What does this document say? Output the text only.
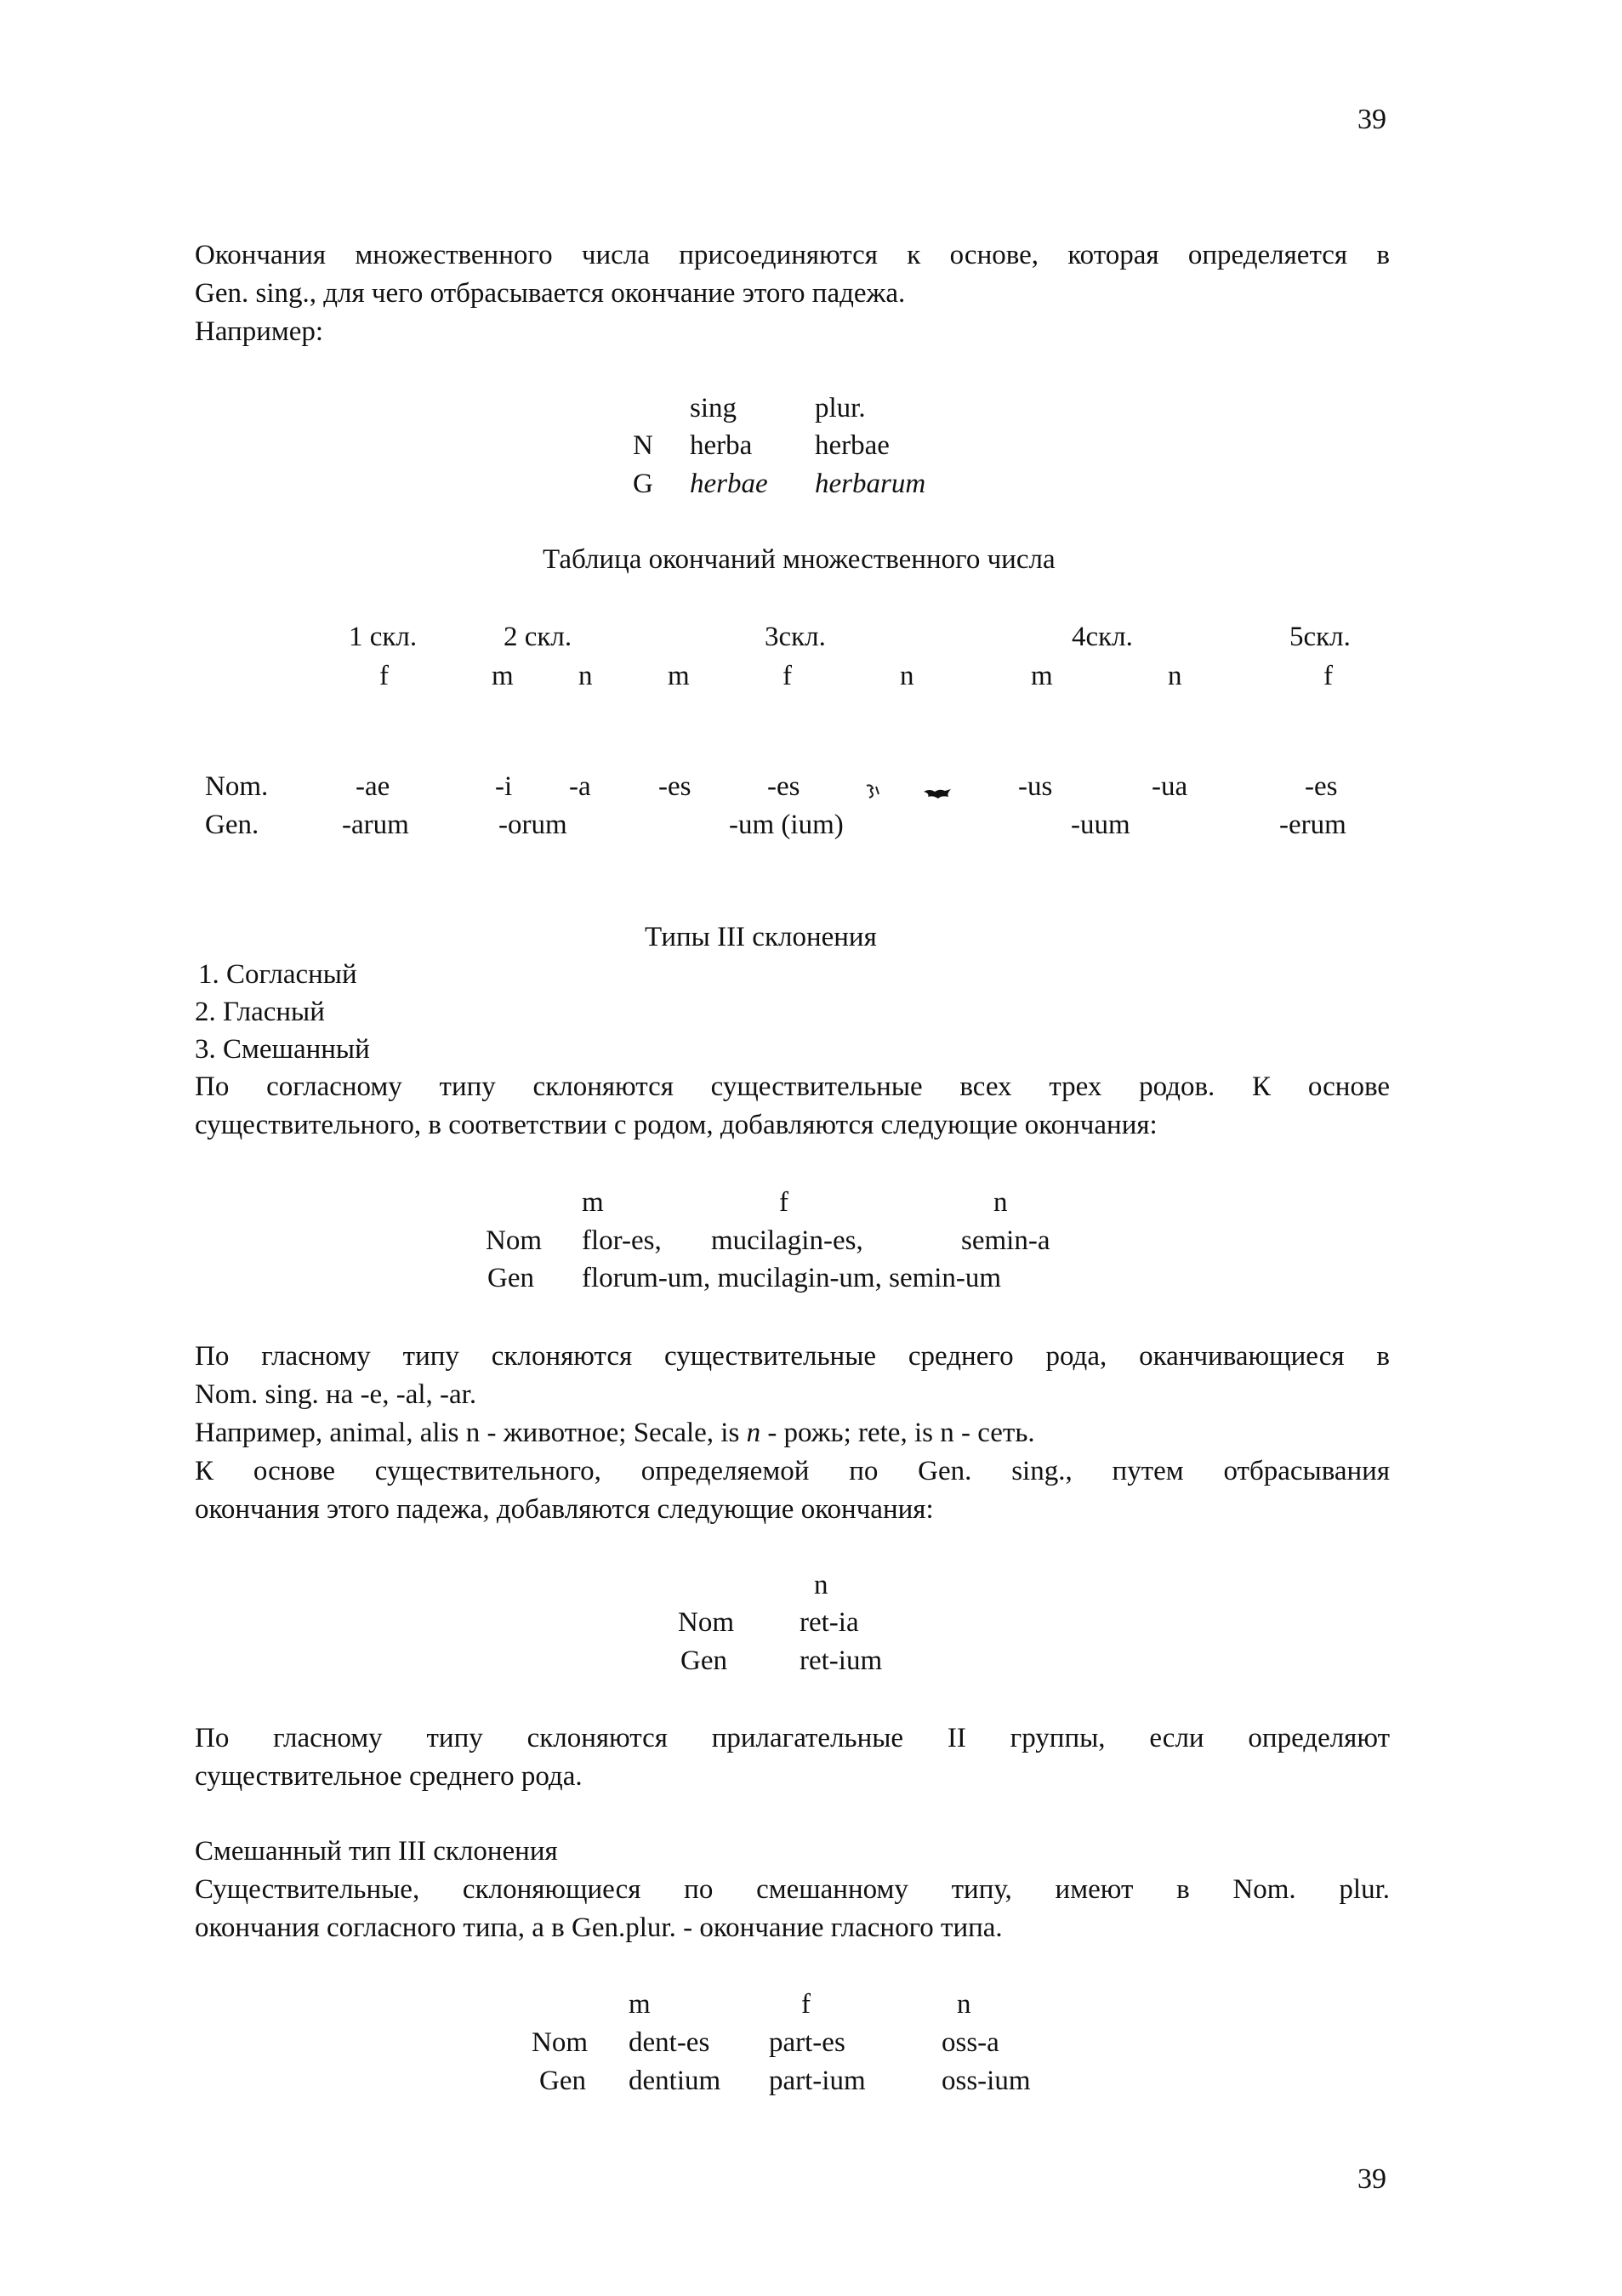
39
Окончания множественного числа присоединяются к основе, которая определяется в
Gen. sing., для чего отбрасывается окончание этого падежа.
Например:
sing	plur.
N herba herbae
G herbae herbarum
Таблица окончаний множественного числа
1 скл.	2 скл.	3скл.	4скл.	5скл.
f	m n	m	f	n	m	n	f
Nom.	-ae	-i -a -es	-es	-us	-ua	-es
Gen.	-arum	-orum	-um (ium)	-uum	-erum
Типы III склонения
1. Согласный
2. Гласный
3. Смешанный
По согласному типу склоняются существительные всех трех родов. К основе
существительного, в соответствии с родом, добавляются следующие окончания:
m	f	n
Nom flor-es, mucilagin-es,	semin-a
Gen florum-um, mucilagin-um, semin-um
По гласному типу склоняются существительные среднего рода, оканчивающиеся в
Nom. sing. на -e, -al, -ar.
Например, animal, alis n - животное; Secale, is n - рожь; rete, is n - сеть.
К основе существительного, определяемой по Gen. sing., путем отбрасывания
окончания этого падежа, добавляются следующие окончания:
n
Nom ret-ia
Gen	ret-ium
По гласному типу склоняются прилагательные II группы, если определяют
существительное среднего рода.
Смешанный тип III склонения
Существительные, склоняющиеся по смешанному типу, имеют в Nom. plur.
окончания согласного типа, а в Gen.plur. - окончание гласного типа.
m	f	n
Nom dent-es part-es	oss-a
Gen dentium part-ium	oss-ium
39
